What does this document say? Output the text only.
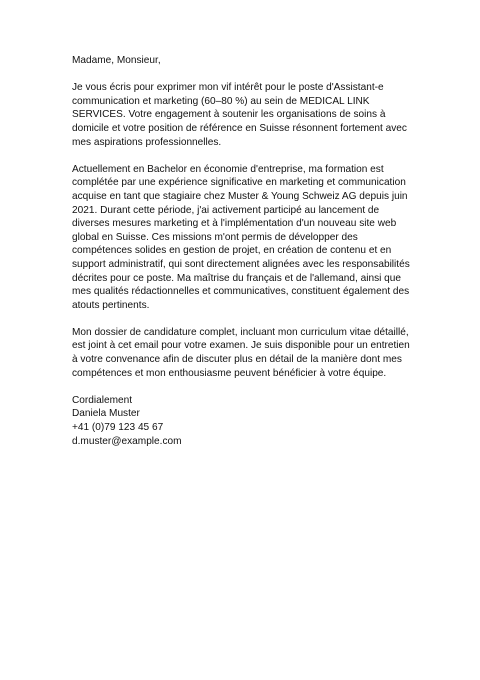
Madame, Monsieur,

Je vous écris pour exprimer mon vif intérêt pour le poste d'Assistant-e communication et marketing (60–80 %) au sein de MEDICAL LINK SERVICES. Votre engagement à soutenir les organisations de soins à domicile et votre position de référence en Suisse résonnent fortement avec mes aspirations professionnelles.

Actuellement en Bachelor en économie d'entreprise, ma formation est complétée par une expérience significative en marketing et communication acquise en tant que stagiaire chez Muster & Young Schweiz AG depuis juin 2021. Durant cette période, j'ai activement participé au lancement de diverses mesures marketing et à l'implémentation d'un nouveau site web global en Suisse. Ces missions m'ont permis de développer des compétences solides en gestion de projet, en création de contenu et en support administratif, qui sont directement alignées avec les responsabilités décrites pour ce poste. Ma maîtrise du français et de l'allemand, ainsi que mes qualités rédactionnelles et communicatives, constituent également des atouts pertinents.

Mon dossier de candidature complet, incluant mon curriculum vitae détaillé, est joint à cet email pour votre examen. Je suis disponible pour un entretien à votre convenance afin de discuter plus en détail de la manière dont mes compétences et mon enthousiasme peuvent bénéficier à votre équipe.

Cordialement
Daniela Muster
+41 (0)79 123 45 67
d.muster@example.com
